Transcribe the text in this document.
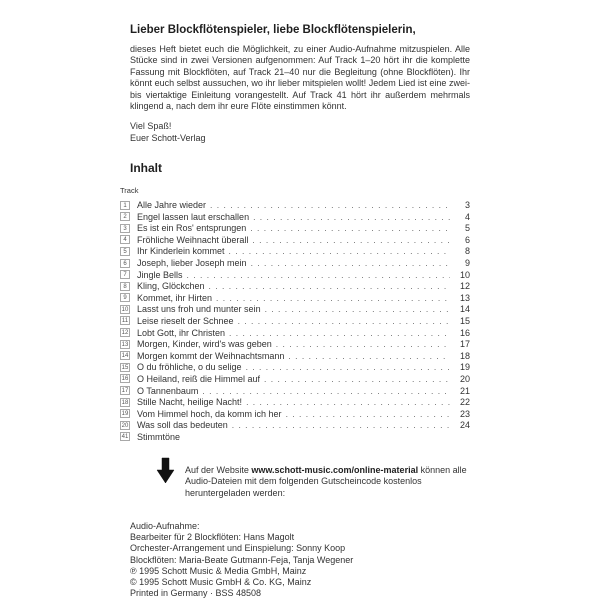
Lieber Blockflötenspieler, liebe Blockflötenspielerin,

dieses Heft bietet euch die Möglichkeit, zu einer Audio-Aufnahme mitzuspielen. Alle Stücke sind in zwei Versionen aufgenommen: Auf Track 1–20 hört ihr die komplette Fassung mit Blockflöten, auf Track 21–40 nur die Begleitung (ohne Blockflöten). Ihr könnt euch selbst aussuchen, wo ihr lieber mitspielen wollt! Jedem Lied ist eine zwei- bis viertaktige Einleitung vorangestellt. Auf Track 41 hört ihr außerdem mehrmals klingend a, nach dem ihr eure Flöte einstimmen könnt.

Viel Spaß!
Euer Schott-Verlag
Inhalt
Track
1	Alle Jahre wieder . . .	3
2	Engel lassen laut erschallen . . .	4
3	Es ist ein Ros' entsprungen . . .	5
4	Fröhliche Weihnacht überall . . .	6
5	Ihr Kinderlein kommet . . .	8
6	Joseph, lieber Joseph mein . . .	9
7	Jingle Bells . . .	10
8	Kling, Glöckchen . . .	12
9	Kommet, ihr Hirten . . .	13
10 Lasst uns froh und munter sein . . .	14
11 Leise rieselt der Schnee . . .	15
12 Lobt Gott, ihr Christen . . .	16
13 Morgen, Kinder, wird's was geben . . .	17
14 Morgen kommt der Weihnachtsmann . . .	18
15 O du fröhliche, o du selige . . .	19
16 O Heiland, reiß die Himmel auf . . .	20
17 O Tannenbaum . . .	21
18 Stille Nacht, heilige Nacht! . . .	22
19 Vom Himmel hoch, da komm ich her . . .	23
20 Was soll das bedeuten . . .	24
41 Stimmtöne

Auf der Website www.schott-music.com/online-material können alle Audio-Dateien mit dem folgenden Gutscheincode kostenlos heruntergeladen werden:

Audio-Aufnahme:
Bearbeiter für 2 Blockflöten: Hans Magolt
Orchester-Arrangement und Einspielung: Sonny Koop
Blockflöten: Maria-Beate Gutmann-Feja, Tanja Wegener
℗ 1995 Schott Music & Media GmbH, Mainz
© 1995 Schott Music GmbH & Co. KG, Mainz
Printed in Germany · BSS 48508
